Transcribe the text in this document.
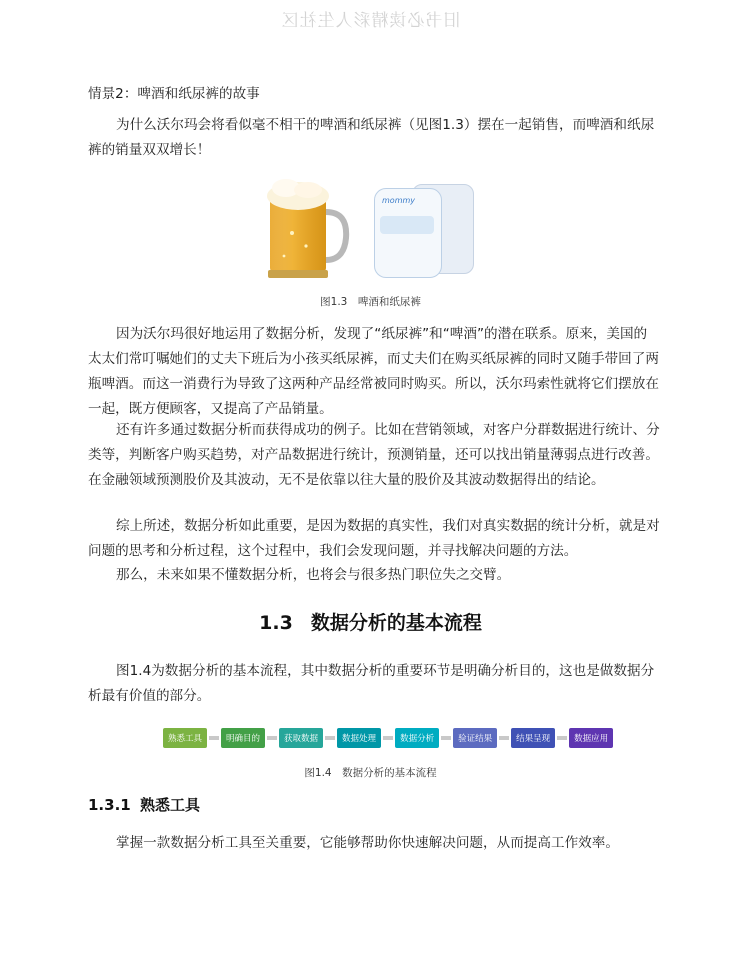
旧书必读精彩人生社区

情景2：啤酒和纸尿裤的故事

为什么沃尔玛会将看似毫不相干的啤酒和纸尿裤（见图1.3）摆在一起销售，而啤酒和纸尿裤的销量双双增长！

mommy
图1.3　啤酒和纸尿裤

因为沃尔玛很好地运用了数据分析，发现了“纸尿裤”和“啤酒”的潜在联系。原来，美国的太太们常叮嘱她们的丈夫下班后为小孩买纸尿裤，而丈夫们在购买纸尿裤的同时又随手带回了两瓶啤酒。而这一消费行为导致了这两种产品经常被同时购买。所以，沃尔玛索性就将它们摆放在一起，既方便顾客，又提高了产品销量。

还有许多通过数据分析而获得成功的例子。比如在营销领域，对客户分群数据进行统计、分类等，判断客户购买趋势，对产品数据进行统计，预测销量，还可以找出销量薄弱点进行改善。在金融领域预测股价及其波动，无不是依靠以往大量的股价及其波动数据得出的结论。

综上所述，数据分析如此重要，是因为数据的真实性，我们对真实数据的统计分析，就是对问题的思考和分析过程，这个过程中，我们会发现问题，并寻找解决问题的方法。

那么，未来如果不懂数据分析，也将会与很多热门职位失之交臂。

1.3 数据分析的基本流程

图1.4为数据分析的基本流程，其中数据分析的重要环节是明确分析目的，这也是做数据分析最有价值的部分。

熟悉工具	明确目的	获取数据	数据处理	数据分析	验证结果	结果呈现	数据应用
图1.4　数据分析的基本流程
1.3.1 熟悉工具

掌握一款数据分析工具至关重要，它能够帮助你快速解决问题，从而提高工作效率。
